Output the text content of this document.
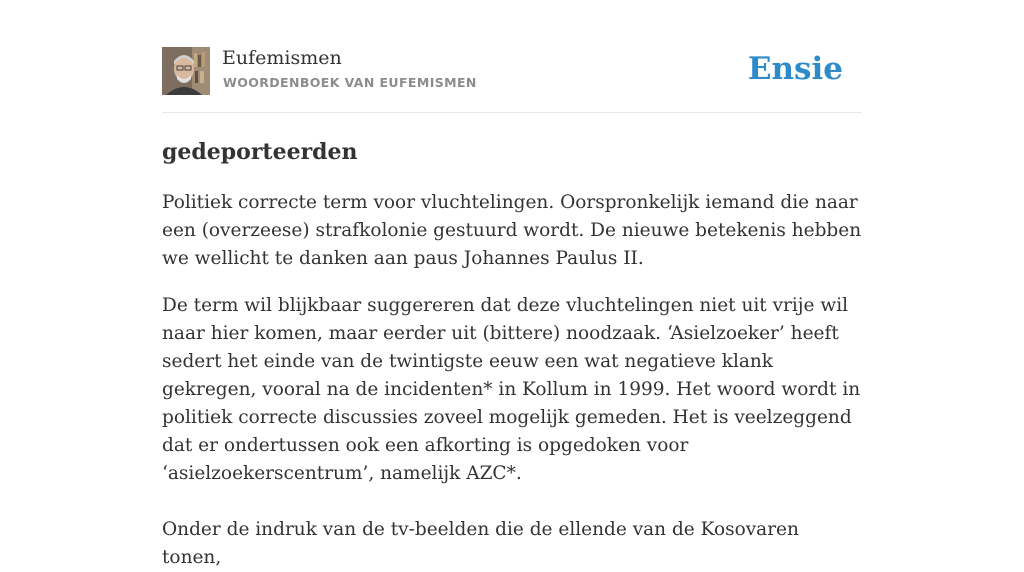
Eufemismen
WOORDENBOEK VAN EUFEMISMEN	Ensie
gedeporteerden

Politiek correcte term voor vluchtelingen. Oorspronkelijk iemand die naar een (overzeese) strafkolonie gestuurd wordt. De nieuwe betekenis hebben we wellicht te danken aan paus Johannes Paulus II.

De term wil blijkbaar suggereren dat deze vluchtelingen niet uit vrije wil naar hier komen, maar eerder uit (bittere) noodzaak. ‘Asielzoeker’ heeft sedert het einde van de twintigste eeuw een wat negatieve klank gekregen, vooral na de incidenten* in Kollum in 1999. Het woord wordt in politiek correcte discussies zoveel mogelijk gemeden. Het is veelzeggend dat er ondertussen ook een afkorting is opgedoken voor ‘asielzoekerscentrum’, namelijk AZC*.

Onder de indruk van de tv-beelden die de ellende van de Kosovaren tonen,
